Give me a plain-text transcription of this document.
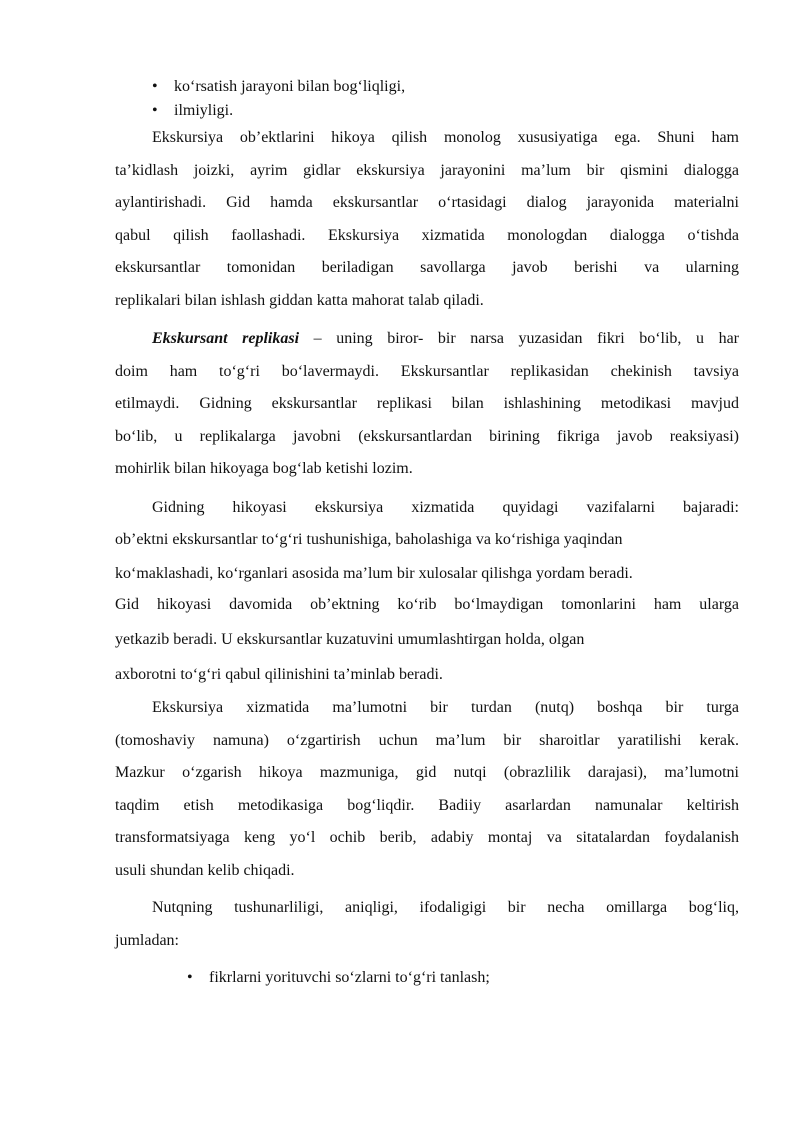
• ko‘rsatish jarayoni bilan bog‘liqligi,
• ilmiyligi.
Ekskursiya ob’ektlarini hikoya qilish monolog xususiyatiga ega. Shuni ham
ta’kidlash joizki, ayrim gidlar ekskursiya jarayonini ma’lum bir qismini dialogga
aylantirishadi. Gid hamda ekskursantlar o‘rtasidagi dialog jarayonida materialni
qabul qilish faollashadi. Ekskursiya xizmatida monologdan dialogga o‘tishda
ekskursantlar tomonidan beriladigan savollarga javob berishi va ularning
replikalari bilan ishlash giddan katta mahorat talab qiladi.
Ekskursant replikasi – uning biror- bir narsa yuzasidan fikri bo‘lib, u har
doim ham to‘g‘ri bo‘lavermaydi. Ekskursantlar replikasidan chekinish tavsiya
etilmaydi. Gidning ekskursantlar replikasi bilan ishlashining metodikasi mavjud
bo‘lib, u replikalarga javobni (ekskursantlardan birining fikriga javob reaksiyasi)
mohirlik bilan hikoyaga bog‘lab ketishi lozim.
Gidning hikoyasi ekskursiya xizmatida quyidagi vazifalarni bajaradi:
ob’ektni ekskursantlar to‘g‘ri tushunishiga, baholashiga va ko‘rishiga yaqindan
ko‘maklashadi, ko‘rganlari asosida ma’lum bir xulosalar qilishga yordam beradi.
Gid hikoyasi davomida ob’ektning ko‘rib bo‘lmaydigan tomonlarini ham ularga
yetkazib beradi. U ekskursantlar kuzatuvini umumlashtirgan holda, olgan
axborotni to‘g‘ri qabul qilinishini ta’minlab beradi.
Ekskursiya xizmatida ma’lumotni bir turdan (nutq) boshqa bir turga
(tomoshaviy namuna) o‘zgartirish uchun ma’lum bir sharoitlar yaratilishi kerak.
Mazkur o‘zgarish hikoya mazmuniga, gid nutqi (obrazlilik darajasi), ma’lumotni
taqdim etish metodikasiga bog‘liqdir. Badiiy asarlardan namunalar keltirish
transformatsiyaga keng yo‘l ochib berib, adabiy montaj va sitatalardan foydalanish
usuli shundan kelib chiqadi.
Nutqning tushunarliligi, aniqligi, ifodaligigi bir necha omillarga bog‘liq,
jumladan:
• fikrlarni yorituvchi so‘zlarni to‘g‘ri tanlash;
